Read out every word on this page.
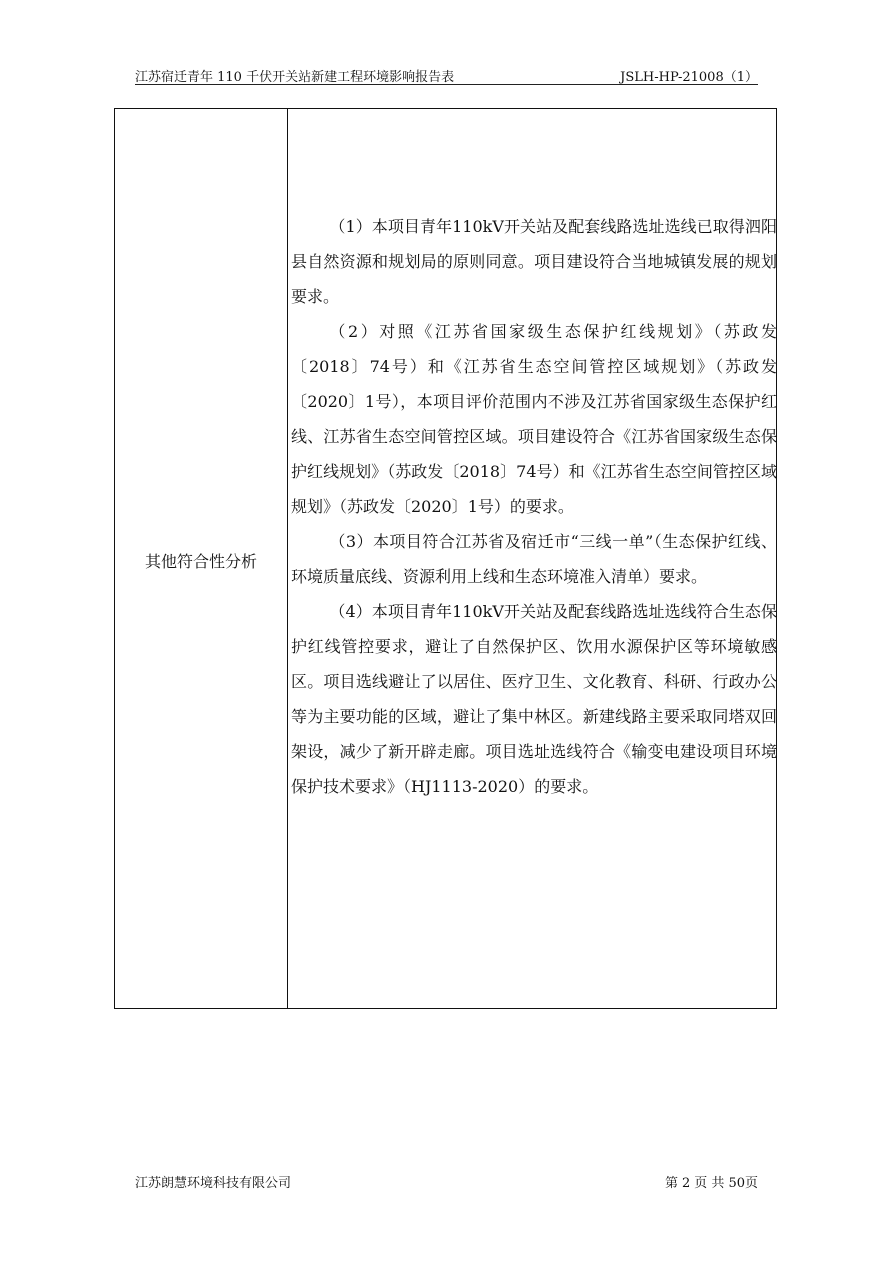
江苏宿迁青年 110 千伏开关站新建工程环境影响报告表	JSLH-HP-21008（1）
其他符合性分析

（1）本项目青年110kV开关站及配套线路选址选线已取得泗阳县自然资源和规划局的原则同意。项目建设符合当地城镇发展的规划要求。

（2）对照《江苏省国家级生态保护红线规划》（苏政发〔2018〕74号）和《江苏省生态空间管控区域规划》（苏政发〔2020〕1号），本项目评价范围内不涉及江苏省国家级生态保护红线、江苏省生态空间管控区域。项目建设符合《江苏省国家级生态保护红线规划》（苏政发〔2018〕74号）和《江苏省生态空间管控区域规划》（苏政发〔2020〕1号）的要求。

（3）本项目符合江苏省及宿迁市“三线一单”（生态保护红线、环境质量底线、资源利用上线和生态环境准入清单）要求。

（4）本项目青年110kV开关站及配套线路选址选线符合生态保护红线管控要求，避让了自然保护区、饮用水源保护区等环境敏感区。项目选线避让了以居住、医疗卫生、文化教育、科研、行政办公等为主要功能的区域，避让了集中林区。新建线路主要采取同塔双回架设，减少了新开辟走廊。项目选址选线符合《输变电建设项目环境保护技术要求》（HJ1113-2020）的要求。

江苏朗慧环境科技有限公司	第 2 页 共 50页
